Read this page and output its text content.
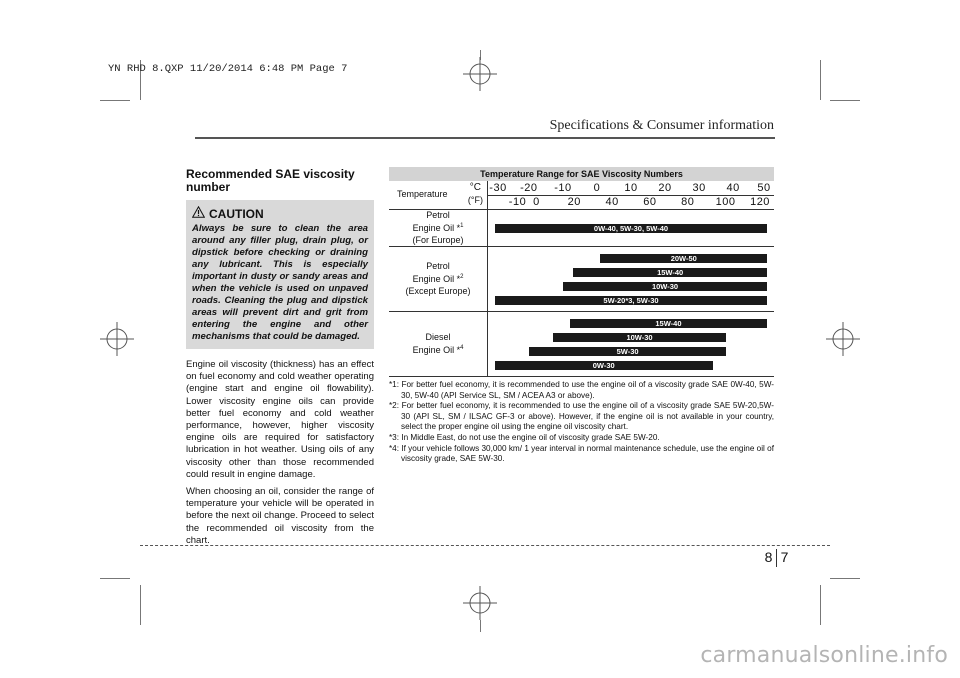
YN RHD 8.QXP 11/20/2014 6:48 PM Page 7
Specifications & Consumer information
Recommended SAE viscosity number
CAUTION
Always be sure to clean the area around any filler plug, drain plug, or dipstick before checking or draining any lubricant. This is especially important in dusty or sandy areas and when the vehicle is used on unpaved roads. Cleaning the plug and dipstick areas will prevent dirt and grit from entering the engine and other mechanisms that could be damaged.

Engine oil viscosity (thickness) has an effect on fuel economy and cold weather operating (engine start and engine oil flowability). Lower viscosity engine oils can provide better fuel economy and cold weather performance, however, higher viscosity engine oils are required for satisfactory lubrication in hot weather. Using oils of any viscosity other than those recommended could result in engine damage.

When choosing an oil, consider the range of temperature your vehicle will be operated in before the next oil change. Proceed to select the recommended oil viscosity from the chart.

Temperature Range for SAE Viscosity Numbers
Temperature
°C
(°F)
-30 -20 -10 0 10 20 30 40 50
-10 0	20 40 60 80 100 120
Petrol
Engine Oil *$^1$
(For Europe)
0W-40, 5W-30, 5W-40
Petrol
Engine Oil *$^2$
(Except Europe)
20W-50
15W-40
10W-30
5W-20*3, 5W-30
Diesel
Engine Oil *$^4$
15W-40
10W-30
5W-30
0W-30

*1: For better fuel economy, it is recommended to use the engine oil of a viscosity grade SAE 0W-40, 5W-30, 5W-40 (API Service SL, SM / ACEA A3 or above).

*2: For better fuel economy, it is recommended to use the engine oil of a viscosity grade SAE 5W-20,5W-30 (API SL, SM / ILSAC GF-3 or above). However, if the engine oil is not available in your country, select the proper engine oil using the engine oil viscosity chart.

*3: In Middle East, do not use the engine oil of viscosity grade SAE 5W-20.

*4: If your vehicle follows 30,000 km/ 1 year interval in normal maintenance schedule, use the engine oil of viscosity grade, SAE 5W-30.

8 7
carmanualsonline.info
